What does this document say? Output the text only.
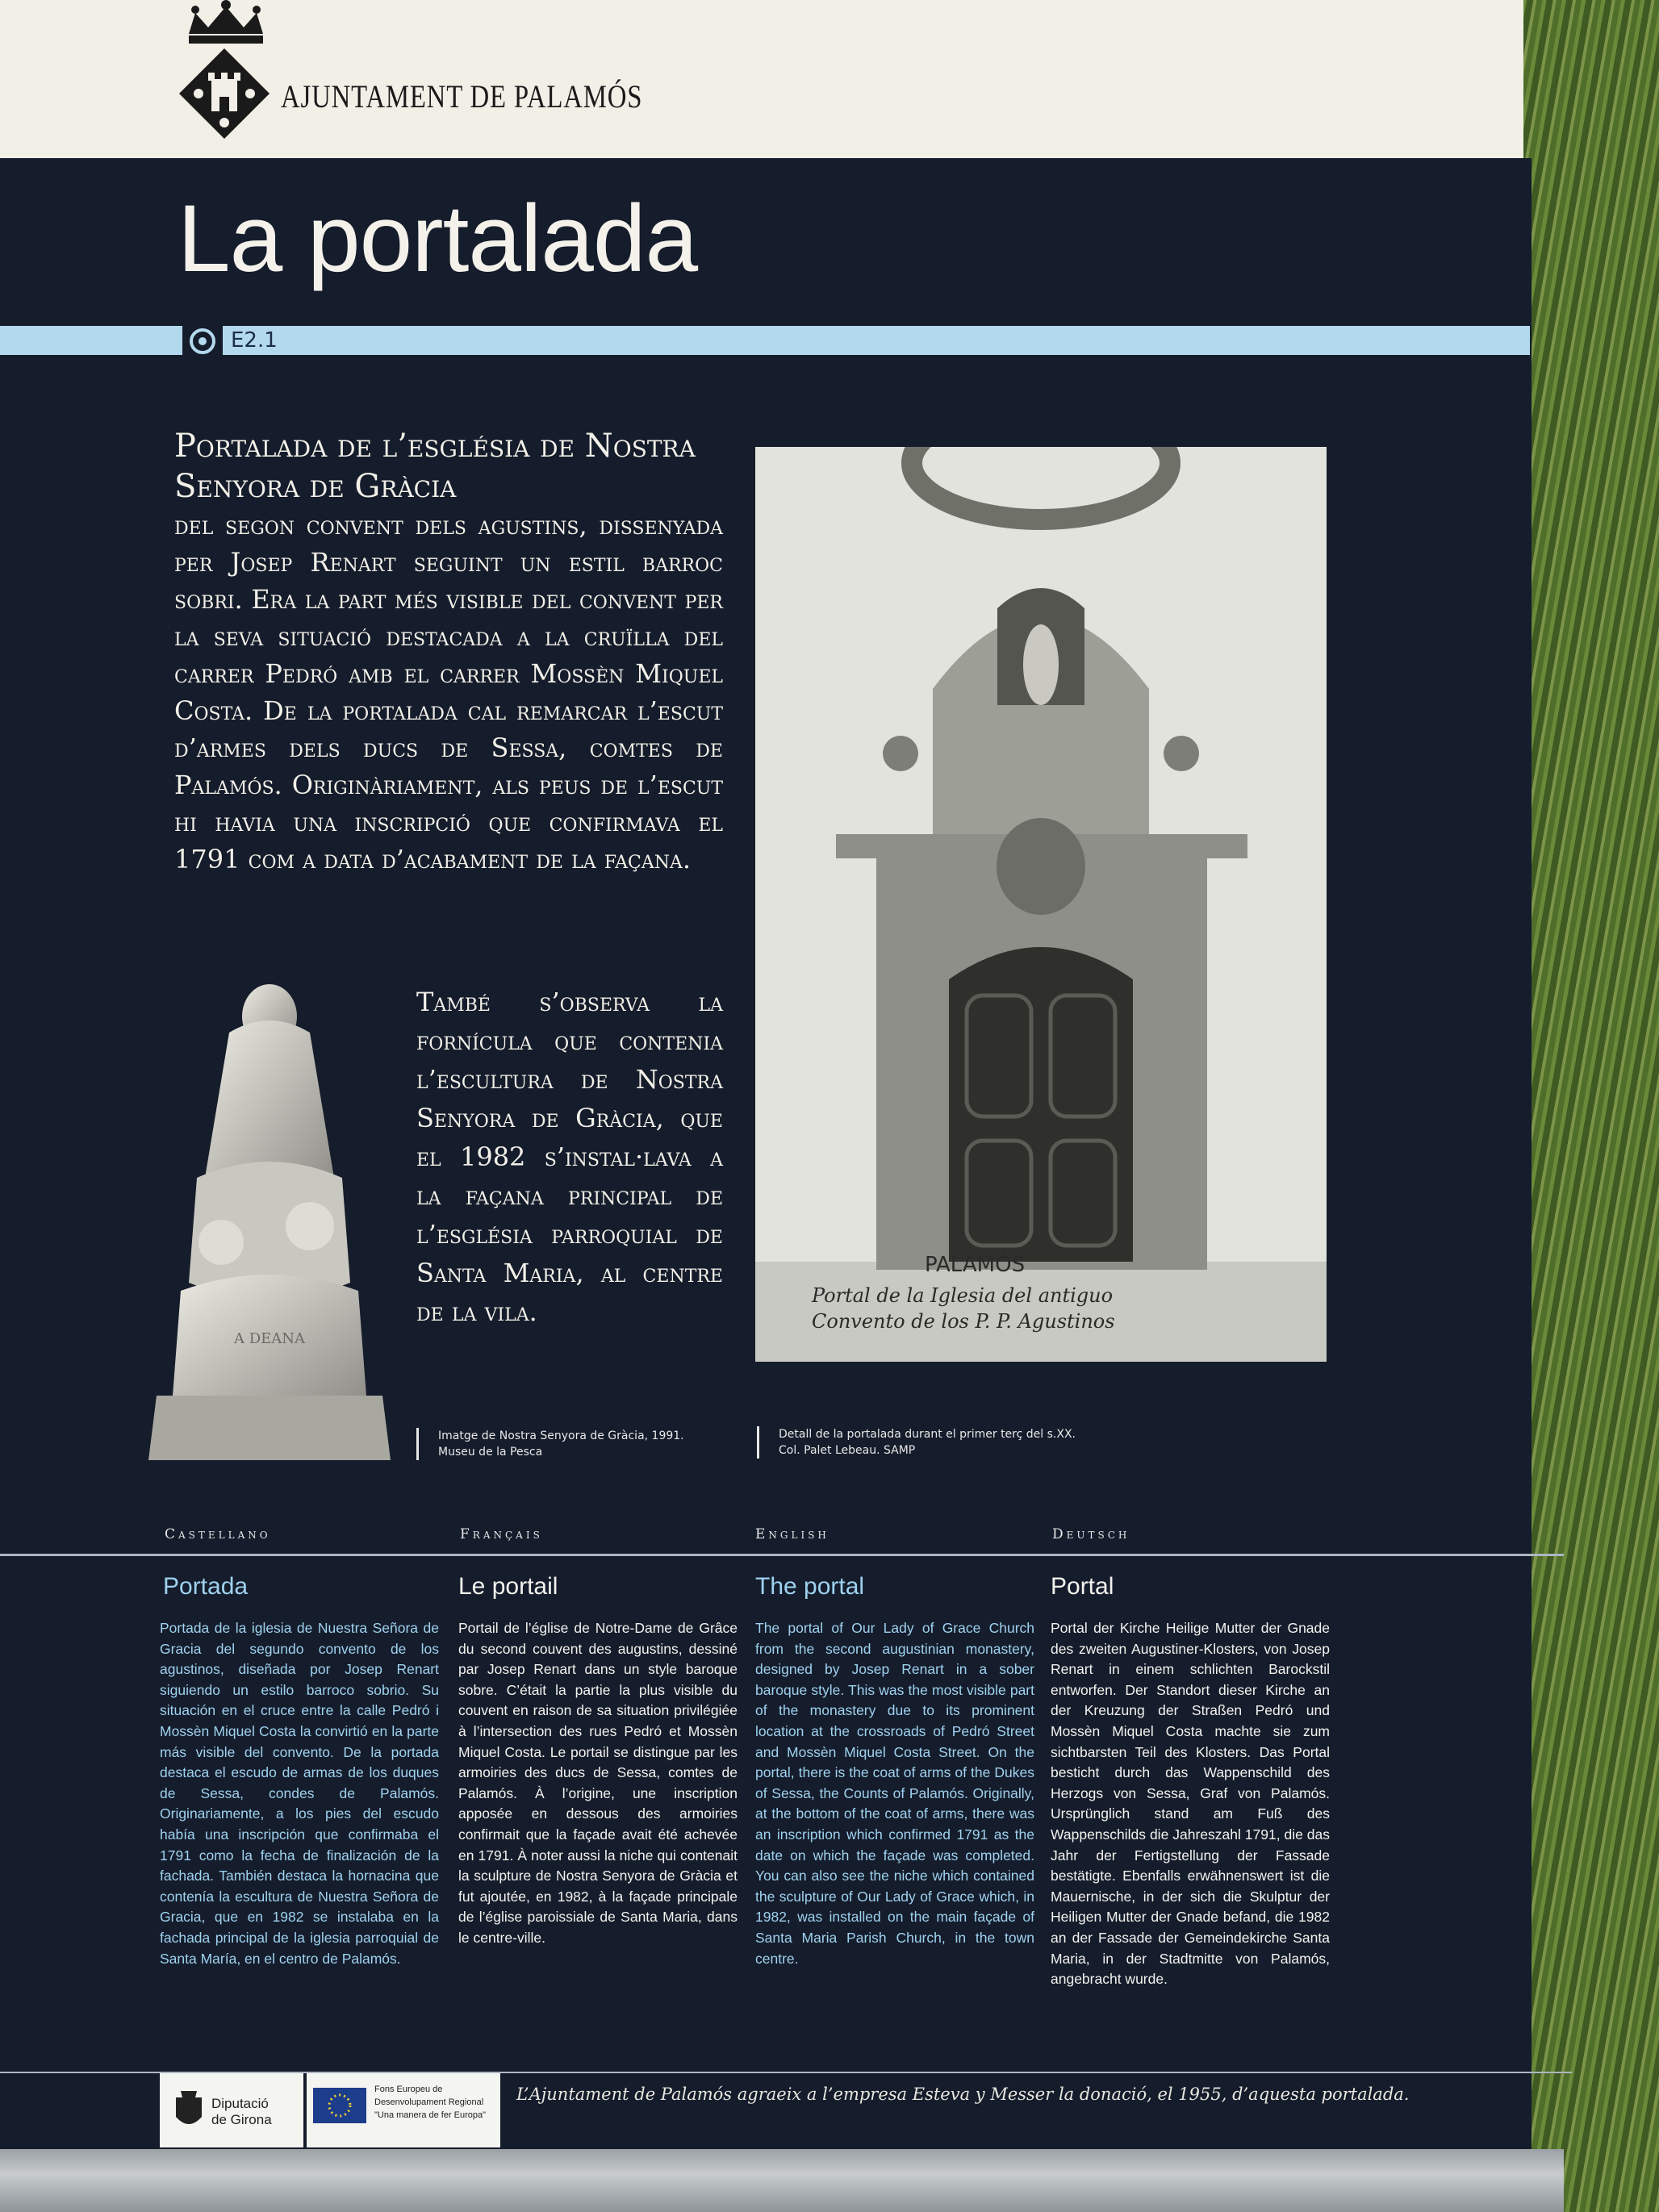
AJUNTAMENT DE PALAMÓS
La portalada
E2.1
Portalada de l’església de Nostra Senyora de Gràcia
del segon convent dels agustins, dissenyada per Josep Renart seguint un estil barroc sobri. Era la part més visible del convent per la seva situació destacada a la cruïlla del carrer Pedró amb el carrer Mossèn Miquel Costa. De la portalada cal remarcar l’escut d’armes dels ducs de Sessa, comtes de Palamós. Originàriament, als peus de l’escut hi havia una inscripció que confirmava el 1791 com a data d’acabament de la façana.
A DEANA
També s’observa la fornícula que contenia l’escultura de Nostra Senyora de Gràcia, que el 1982 s’instal·lava a la façana principal de l’església parroquial de Santa Maria, al centre de la vila.
PALAMÓS
Portal de la Iglesia del antiguo
Convento de los P. P. Agustinos
Imatge de Nostra Senyora de Gràcia, 1991. Museu de la Pesca
Detall de la portalada durant el primer terç del s.XX. Col. Palet Lebeau. SAMP
Castellano	Français	English	Deutsch
Portada	Le portail	The portal	Portal
Portada de la iglesia de Nuestra Señora de Gracia del segundo convento de los agustinos, diseñada por Josep Renart siguiendo un estilo barroco sobrio. Su situación en el cruce entre la calle Pedró i Mossèn Miquel Costa la convirtió en la parte más visible del convento. De la portada destaca el escudo de armas de los duques de Sessa, condes de Palamós. Originariamente, a los pies del escudo había una inscripción que confirmaba el 1791 como la fecha de finalización de la fachada. También destaca la hornacina que contenía la escultura de Nuestra Señora de Gracia, que en 1982 se instalaba en la fachada principal de la iglesia parroquial de Santa María, en el centro de Palamós.
Portail de l’église de Notre-Dame de Grâce du second couvent des augustins, dessiné par Josep Renart dans un style baroque sobre. C’était la partie la plus visible du couvent en raison de sa situation privilégiée à l’intersection des rues Pedró et Mossèn Miquel Costa. Le portail se distingue par les armoiries des ducs de Sessa, comtes de Palamós. À l’origine, une inscription apposée en dessous des armoiries confirmait que la façade avait été achevée en 1791. À noter aussi la niche qui contenait la sculpture de Nostra Senyora de Gràcia et fut ajoutée, en 1982, à la façade principale de l’église paroissiale de Santa Maria, dans le centre-ville.
The portal of Our Lady of Grace Church from the second augustinian monastery, designed by Josep Renart in a sober baroque style. This was the most visible part of the monastery due to its prominent location at the crossroads of Pedró Street and Mossèn Miquel Costa Street. On the portal, there is the coat of arms of the Dukes of Sessa, the Counts of Palamós. Originally, at the bottom of the coat of arms, there was an inscription which confirmed 1791 as the date on which the façade was completed. You can also see the niche which contained the sculpture of Our Lady of Grace which, in 1982, was installed on the main façade of Santa Maria Parish Church, in the town centre.
Portal der Kirche Heilige Mutter der Gnade des zweiten Augustiner-Klosters, von Josep Renart in einem schlichten Barockstil entworfen. Der Standort dieser Kirche an der Kreuzung der Straßen Pedró und Mossèn Miquel Costa machte sie zum sichtbarsten Teil des Klosters. Das Portal besticht durch das Wappenschild des Herzogs von Sessa, Graf von Palamós. Ursprünglich stand am Fuß des Wappenschilds die Jahreszahl 1791, die das Jahr der Fertigstellung der Fassade bestätigte. Ebenfalls erwähnenswert ist die Mauernische, in der sich die Skulptur der Heiligen Mutter der Gnade befand, die 1982 an der Fassade der Gemeindekirche Santa Maria, in der Stadtmitte von Palamós, angebracht wurde.
Diputació
de Girona
Fons Europeu de
Desenvolupament Regional
"Una manera de fer Europa"
L’Ajuntament de Palamós agraeix a l’empresa Esteva y Messer la donació, el 1955, d’aquesta portalada.
